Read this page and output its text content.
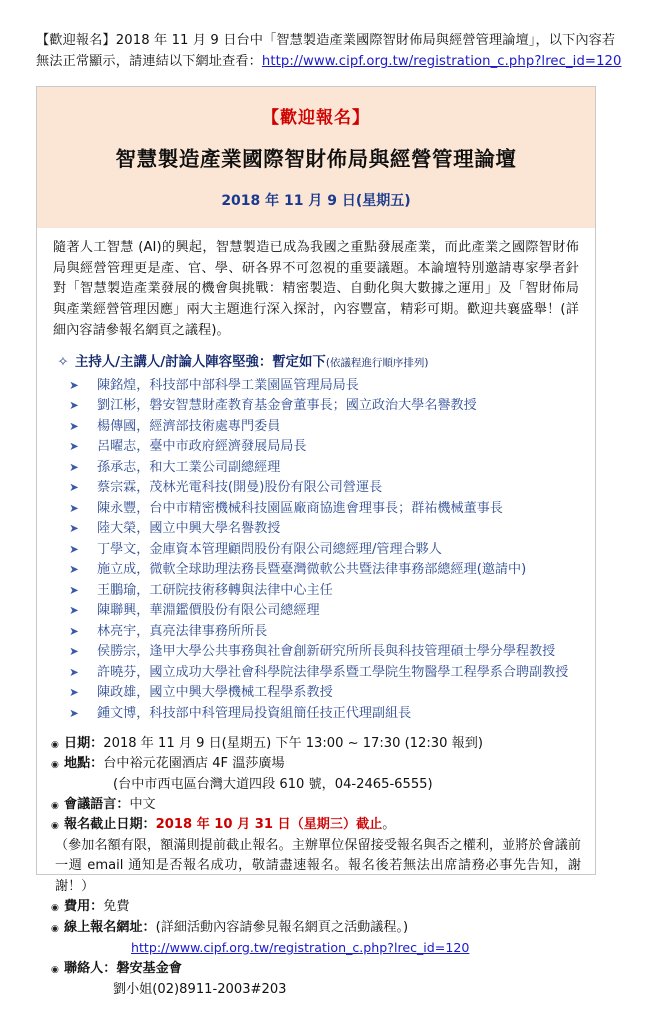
【歡迎報名】2018 年 11 月 9 日台中「智慧製造產業國際智財佈局與經營管理論壇」，以下內容若無法正常顯示，請連結以下網址查看：http://www.cipf.org.tw/registration_c.php?lrec_id=120
【歡迎報名】
智慧製造產業國際智財佈局與經營管理論壇
2018 年 11 月 9 日(星期五)
隨著人工智慧 (AI)的興起，智慧製造已成為我國之重點發展產業，而此產業之國際智財佈局與經營管理更是產、官、學、研各界不可忽視的重要議題。本論壇特別邀請專家學者針對「智慧製造產業發展的機會與挑戰：精密製造、自動化與大數據之運用」及「智財佈局與產業經營管理因應」兩大主題進行深入探討，內容豐富，精彩可期。歡迎共襄盛舉！(詳細內容請參報名網頁之議程)。
✧ 主持人/主講人/討論人陣容堅強：暫定如下(依議程進行順序排列)
➤	陳銘煌，科技部中部科學工業園區管理局局長
➤	劉江彬，磐安智慧財產教育基金會董事長；國立政治大學名譽教授
➤	楊傳國，經濟部技術處專門委員
➤	呂曜志，臺中市政府經濟發展局局長
➤	孫承志，和大工業公司副總經理
➤	蔡宗霖，茂林光電科技(開曼)股份有限公司營運長
➤	陳永豐，台中市精密機械科技園區廠商協進會理事長；群祐機械董事長
➤	陸大榮，國立中興大學名譽教授
➤	丁學文，金庫資本管理顧問股份有限公司總經理/管理合夥人
➤	施立成，微軟全球助理法務長暨臺灣微軟公共暨法律事務部總經理(邀請中)
➤	王鵬瑜，工研院技術移轉與法律中心主任
➤	陳聯興，華淵鑑價股份有限公司總經理
➤	林亮宇，真亮法律事務所所長
➤	侯勝宗，逢甲大學公共事務與社會創新研究所所長與科技管理碩士學分學程教授
➤	許曉芬，國立成功大學社會科學院法律學系暨工學院生物醫學工程學系合聘副教授
➤	陳政雄，國立中興大學機械工程學系教授
➤	鍾文博，科技部中科管理局投資組簡任技正代理副組長
◉ 日期：2018 年 11 月 9 日(星期五) 下午 13:00 ~ 17:30 (12:30 報到)
◉ 地點：台中裕元花園酒店 4F 溫莎廣場
(台中市西屯區台灣大道四段 610 號，04-2465-6555)
◉ 會議語言：中文
◉ 報名截止日期：2018 年 10 月 31 日（星期三）截止。
（參加名額有限，額滿則提前截止報名。主辦單位保留接受報名與否之權利，並將於會議前一週 email 通知是否報名成功，敬請盡速報名。報名後若無法出席請務必事先告知，謝謝！）
◉ 費用：免費
◉ 線上報名網址：(詳細活動內容請參見報名網頁之活動議程。)
http://www.cipf.org.tw/registration_c.php?lrec_id=120
◉ 聯絡人：磐安基金會
劉小姐(02)8911-2003#203
